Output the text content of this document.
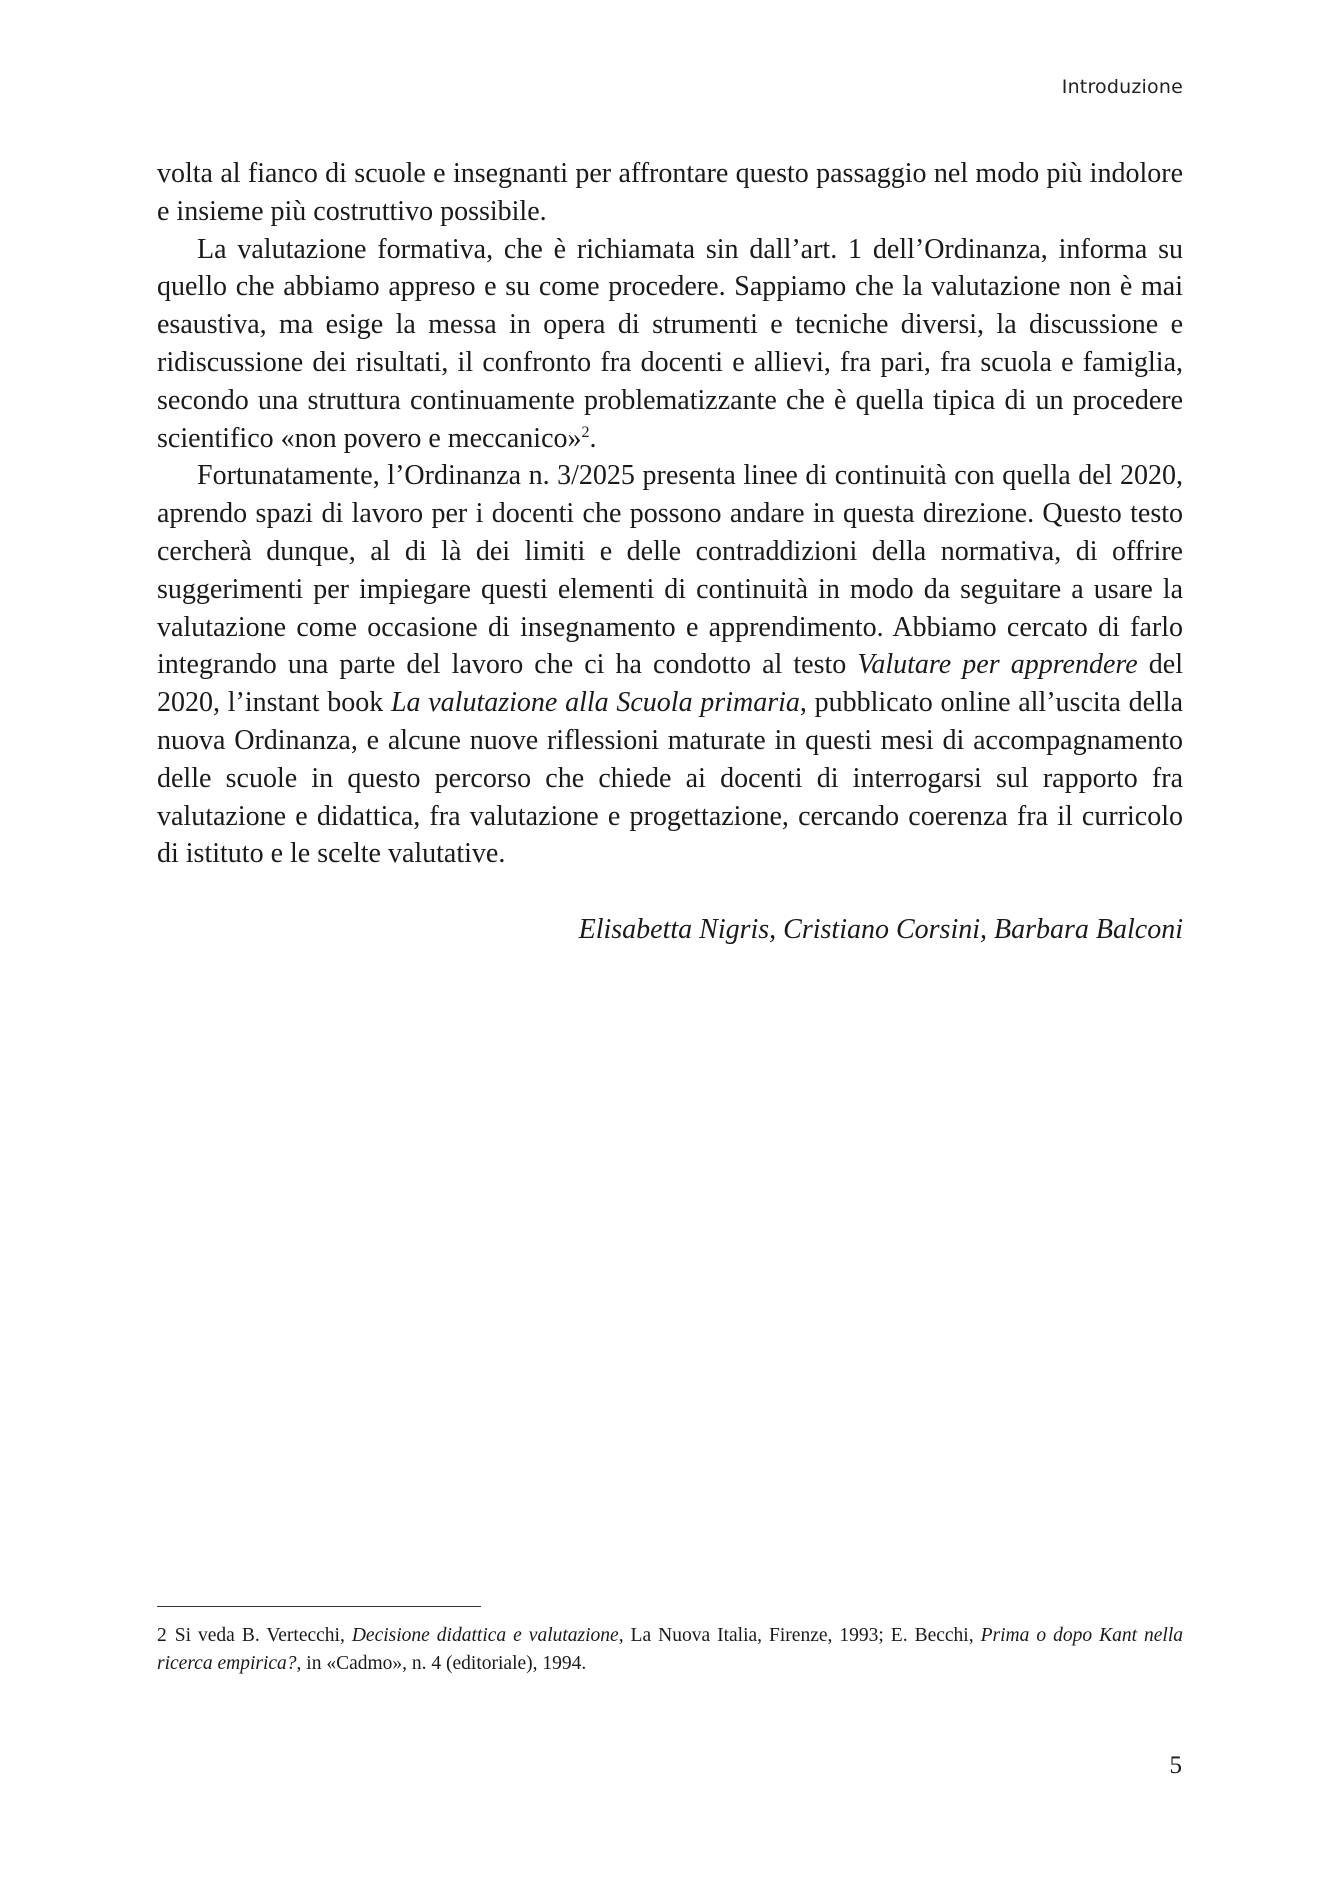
Introduzione

volta al fianco di scuole e insegnanti per affrontare questo passaggio nel modo più indolore e insieme più costruttivo possibile.

La valutazione formativa, che è richiamata sin dall’art. 1 dell’Ordinanza, informa su quello che abbiamo appreso e su come procedere. Sappiamo che la valutazione non è mai esaustiva, ma esige la messa in opera di strumenti e tecniche diversi, la discussione e ridiscussione dei risultati, il confronto fra docenti e allievi, fra pari, fra scuola e famiglia, secondo una struttura continuamente problematizzante che è quella tipica di un procedere scientifico «non povero e meccanico»$^2$.

Fortunatamente, l’Ordinanza n. 3/2025 presenta linee di continuità con quella del 2020, aprendo spazi di lavoro per i docenti che possono andare in questa direzione. Questo testo cercherà dunque, al di là dei limiti e delle contraddizioni della normativa, di offrire suggerimenti per impiegare questi elementi di continuità in modo da seguitare a usare la valutazione come occasione di insegnamento e apprendimento. Abbiamo cercato di farlo integrando una parte del lavoro che ci ha condotto al testo Valutare per apprendere del 2020, l’instant book La valutazione alla Scuola primaria, pubblicato online all’uscita della nuova Ordinanza, e alcune nuove riflessioni maturate in questi mesi di accompagnamento delle scuole in questo percorso che chiede ai docenti di interrogarsi sul rapporto fra valutazione e didattica, fra valutazione e progettazione, cercando coerenza fra il curricolo di istituto e le scelte valutative.

Elisabetta Nigris, Cristiano Corsini, Barbara Balconi
2 Si veda B. Vertecchi, Decisione didattica e valutazione, La Nuova Italia, Firenze, 1993; E. Becchi, Prima o dopo Kant nella ricerca empirica?, in «Cadmo», n. 4 (editoriale), 1994.
5
